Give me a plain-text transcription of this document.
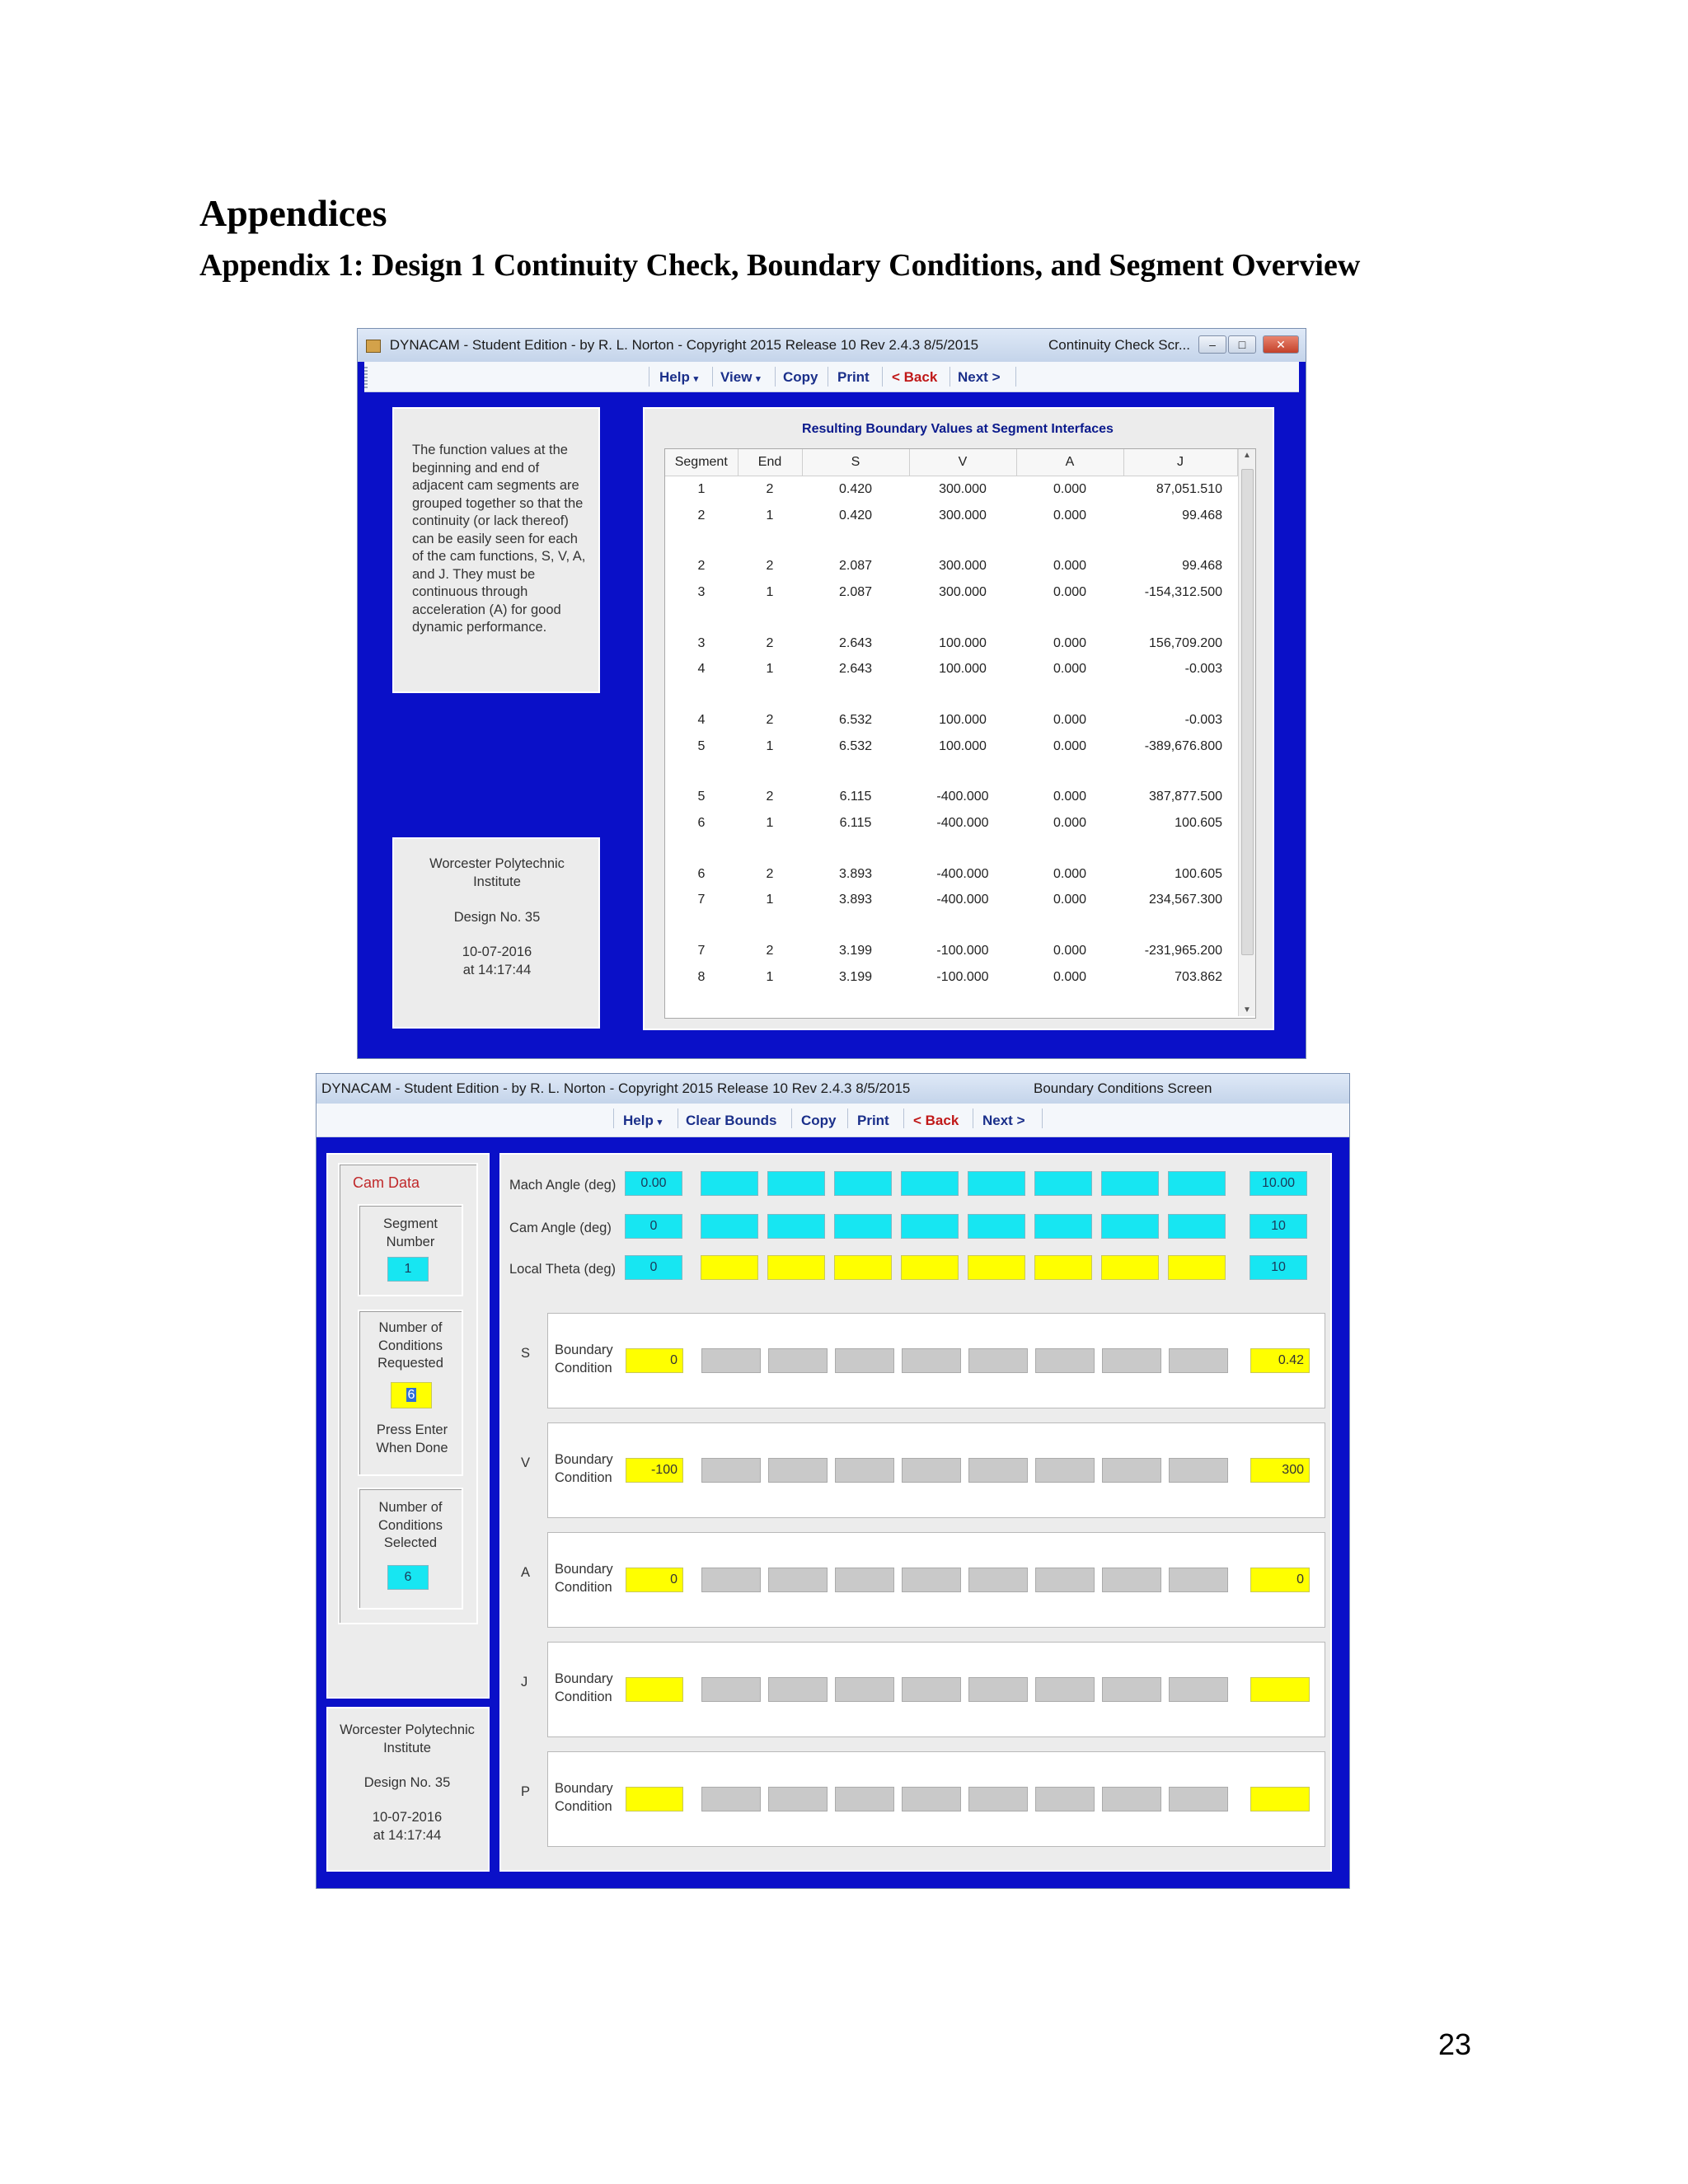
Appendices
Appendix 1: Design 1 Continuity Check, Boundary Conditions, and Segment Overview
DYNACAM - Student Edition - by R. L. Norton - Copyright 2015 Release 10 Rev 2.4.3 8/5/2015	Continuity Check Scr...	–	□	✕
Help ▾ View ▾ Copy Print < Back Next >
The function values at the beginning and end of adjacent cam segments are grouped together so that the continuity (or lack thereof) can be easily seen for each of the cam functions, S, V, A, and J. They must be continuous through acceleration (A) for good dynamic performance.
Worcester Polytechnic Institute
Design No. 35
10-07-2016
at 14:17:44
Resulting Boundary Values at Segment Interfaces
Segment	End	S	V	A	J
1	2	0.420	300.000	0.000	87,051.510
2	1	0.420	300.000	0.000	99.468

2	2	2.087	300.000	0.000	99.468
3	1	2.087	300.000	0.000	-154,312.500

3	2	2.643	100.000	0.000	156,709.200
4	1	2.643	100.000	0.000	-0.003

4	2	6.532	100.000	0.000	-0.003
5	1	6.532	100.000	0.000	-389,676.800

5	2	6.115	-400.000	0.000	387,877.500
6	1	6.115	-400.000	0.000	100.605

6	2	3.893	-400.000	0.000	100.605
7	1	3.893	-400.000	0.000	234,567.300

7	2	3.199	-100.000	0.000	-231,965.200
8	1	3.199	-100.000	0.000	703.862
▲
▼
DYNACAM - Student Edition - by R. L. Norton - Copyright 2015 Release 10 Rev 2.4.3 8/5/2015	Boundary Conditions Screen
Help ▾ Clear Bounds Copy Print < Back Next >
Cam Data
Segment Number
1
Number of Conditions Requested
6
Press Enter When Done
Number of Conditions Selected
6
Worcester Polytechnic Institute
Design No. 35
10-07-2016
at 14:17:44
Mach Angle (deg)	0.00	10.00
Cam Angle (deg)	0	10
Local Theta (deg)	0	10
S Boundary Condition	0	0.42
V Boundary Condition	-100	300
A Boundary Condition	0	0
J Boundary Condition
P Boundary Condition
23
